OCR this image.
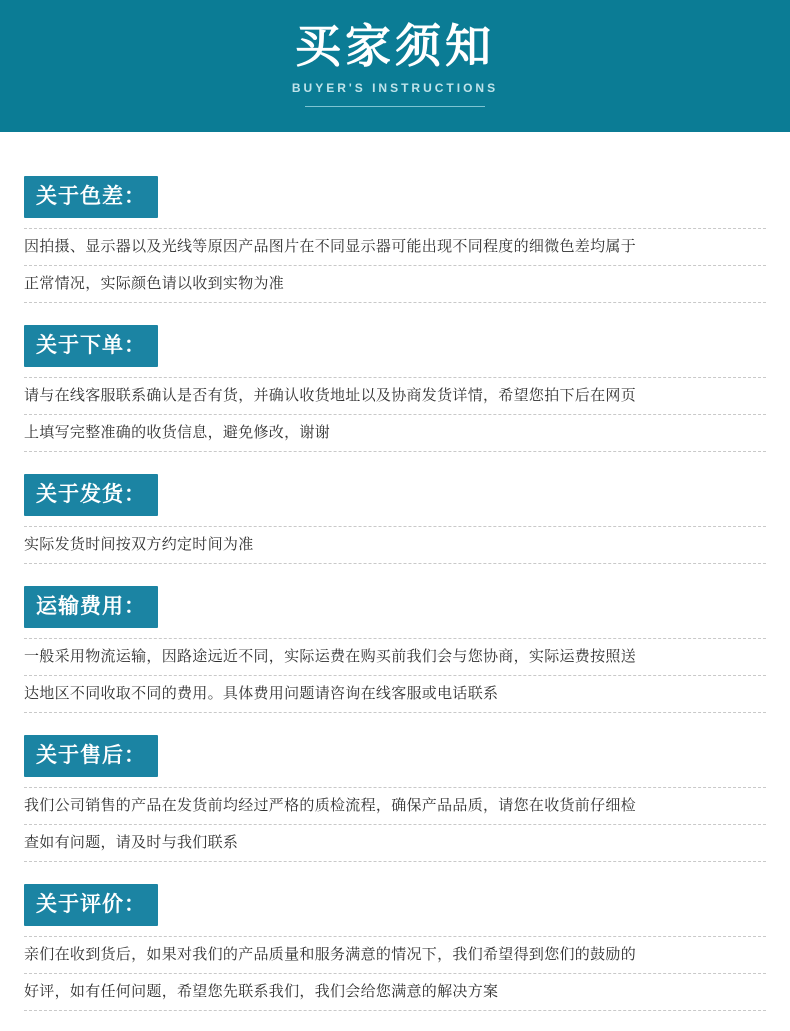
买家须知
BUYER'S INSTRUCTIONS
关于色差：
因拍摄、显示器以及光线等原因产品图片在不同显示器可能出现不同程度的细微色差均属于
正常情况，实际颜色请以收到实物为准
关于下单：
请与在线客服联系确认是否有货，并确认收货地址以及协商发货详情，希望您拍下后在网页
上填写完整准确的收货信息，避免修改，谢谢
关于发货：
实际发货时间按双方约定时间为准
运输费用：
一般采用物流运输，因路途远近不同，实际运费在购买前我们会与您协商，实际运费按照送
达地区不同收取不同的费用。具体费用问题请咨询在线客服或电话联系
关于售后：
我们公司销售的产品在发货前均经过严格的质检流程，确保产品品质，请您在收货前仔细检
查如有问题，请及时与我们联系
关于评价：
亲们在收到货后，如果对我们的产品质量和服务满意的情况下，我们希望得到您们的鼓励的
好评，如有任何问题，希望您先联系我们，我们会给您满意的解决方案
